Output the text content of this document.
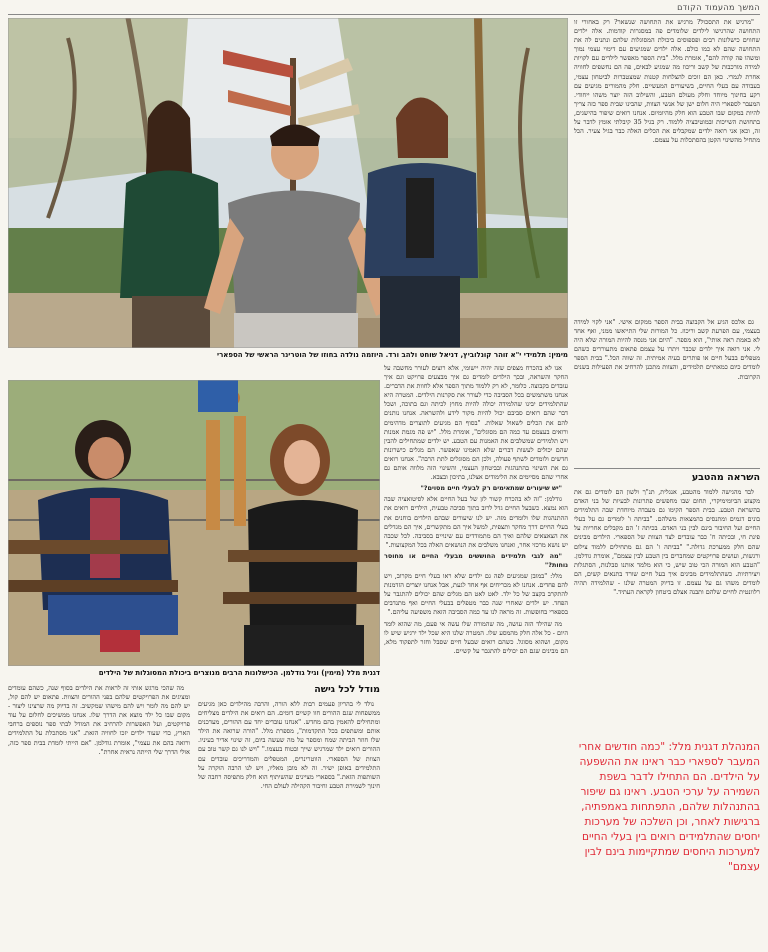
המשך מהעמוד הקודם
מימין: תלמידי י"א זוהר קונלוביץ, דניאל שוחט ולהב ורד. היוזמה נולדה בחוזו של הוטרינר הראשי של הספארי

"מרגיש את התסכול? מרגיש את התחושה שנשאר? רק באחורי זו התחושה שהרגישו לילדים שלומדים פה במסגרות קודמות. אלה ילדים שחווים כישלונות רבים ופספוסים ביכולת המסוגלות שלהם ונתנים לה את התחושה שהם לא כמו כולם. אלה ילדים שמגיעים עם דימוי עצמי נמוך ומשהו פה קורה להם", אומרת מלל. "בית הספר מאפשר לילדים עם לקויות למידה מורכבות של קשב וריכוז מה שמגיע לבאים, פה הם נחשפים לחוויה אחרת לגמרי. כאן הם זוכים להצלחות קטנות שמצטברות לביטחון עצמי, בעבודה עם בעלי החיים, בשיעורים המעשיים. חלק מהמורים מגיעים עם רקע בחינוך מיוחד וחלק מעולם הטבע, והשילוב הזה יוצר משהו ייחודי. המעבר לספארי היה חלום ישן של אנשי הצוות, שהבינו שבית ספר כזה צריך להיות במקום שבו הטבע הוא חלק מהיומיום. אנחנו רואים שיפור בהישגים, בתחושת השייכות ובמוטיבציה ללמוד. רק בגיל 35 קיבלתי אומץ לדבר על זה, וכאן אני רואה ילדים שמקבלים את הכלים האלה כבר בגיל צעיר. הכל מתחיל מהשינוי הקטן בהסתכלות על עצמם.

גם אלכס הגיע אל הקבוצה בבית הספר ממקום אישי. "אני לקוי למידה בעצמי, עם הפרעת קשב וריכוז. כל המורות שלי התייאשו ממני, ואף אחד לא באמת ראה אותי", הוא מספר. "היום אני מנסה להיות המורה שלא היה לי. אני רואה איך ילדים שכבר ויתרו על עצמם פתאום מתעוררים כשהם מטפלים בבעל חיים או פותרים בעיה אמיתית. זה שווה הכל." בבית הספר לומדים כיום כמאתיים תלמידים, והצוות מתכנן להרחיב את הפעילות בשנים הקרובות.

השראה מהטבע

לבד מהגישה ללמוד מהטבע, אנגלית, תנ"ך ולשון הם לומדים גם את מקצוע הביומימיקרי, תחום שבו מחפשים פתרונות לבעיות של בני האדם בהשראת הטבע. בבית הספר הקימו גם מעבדה מיוחדת שבה התלמידים בונים דגמים ומתנסים בהמצאות משלהם. "בביתה ו' לומדים גם על בעלי החיים ועל החיבור בינם לבין בני האדם. בכיתה ז' הם מקבלים אחריות על פינת חי, ובכיתה ח' כבר עובדים לצד הצוות של הספארי. הילדים מבינים שהם חלק ממערכת גדולה." "בביתה ו' הם גם מתחילים ללמוד צילום ורגשות, ועושים פרויקטים שמחברים בין הטבע לבין עצמם", אומרת גודלמן. "הטבע הוא המורה הכי טוב שיש, כי הוא מלמד אותנו סבלנות, הסתגלות ויצירתיות. כשהתלמידים מבינים איך בעל חיים שורד בתנאים קשים, הם לומדים משהו גם על עצמם. זו בדיוק המטרה שלנו - שהלמידה תהיה רלוונטית לחיים שלהם ותבנה אצלם ביטחון לקראת העתיד."

המנהלת דגנית מלל: "כמה חודשים אחרי המעבר לספארי כבר ראינו את ההשפעה על הילדים. הם התחילו לדבר בשפת השמירה על ערכי הטבע. ראינו גם שיפור בהתנהלות שלהם, התפתחות באמפתיה, ברגישות לאחר, וכן השלכה של מערכות יחסים שהתלמידים רואים בין בעלי החיים למערכות היחסים שמתקיימות בינם לבין עצמם"

אנו לא בהכרח מצפים שזה יהיה יישומי, אלא רוצים לעורר מחשבה על החקר והשראה, ובכך הילדים לומדים גם איך מבצעים פרויקט וגם איך עובדים בקבוצה. כלומר, לא רק ללמוד מתוך הספר אלא לחוות את הדברים. אנחנו משתמשים בכל הסביבה כדי לעורר את סקרנות הילדים. המטרה היא שהתלמידים יבינו שהלמידה יכולה להיות מחוץ לכיתה וגם בתוכה, ושכל דבר שהם רואים סביבם יכול להיות מקור לידע ולהשראה. אנחנו נותנים להם את הכלים לשאול שאלות. "בסוף הם מגיעים לתוצרים מדהימים ורואים בעצמם עד כמה הם מסוגלים", אומרת מלל. "יש פה מגמת אמנות ויש תלמידים שמשלבים את האמנות עם הטבע. יש ילדים שמתחילים להבין שהם יכולים לעשות דברים שלא האמינו שאפשר. הם מגלים כישרונות חדשים ולומדים לשתף פעולה, ולכן הם מסוגלים לתת הרבה". אנחנו רואים גם את השינוי בהתנהגות ובביטחון העצמי, והשינוי הזה מלווה אותם גם אחרי שהם מסיימים את הלימודים אצלנו, בתיכון ובצבא.

"יש שיעורים שמתאימים רק לבעלי חיים מסוים?"

גודלמן: "זה לא בהכרח קשור לזן של בעל החיים אלא לסיטואציה שבה הוא נמצא. כשבעל החיים גדל לרוב בתוך סביבה טבעית, הילדים רואים את ההתנהגות שלו ולומדים מזה. יש לנו שיעורים שבהם הילדים בוחנים את בעלי החיים דרך מחקר ותצפית, למשל איך הם מתקשרים, איך הם מגדלים את הצאצאים שלהם ואיך הם מתמודדים עם שינויים בסביבה. לכל שכבה יש נושא מרכזי אחר, ואנחנו משלבים את הנושאים האלה בכל המקצועות."

"מה לגבי תלמידים החוששים מבעלי החיים או מחוסר נוחות?"

מלל: "במובן שמגיעים לפה גם ילדים שלא ראו בעלי חיים מקרוב, ויש להם פחדים. אנחנו לא מכריחים אף אחד לגעת, אבל אנחנו יוצרים הזדמנות להתקרב בקצב של כל ילד. לאט לאט הם מגלים שהם יכולים להתגבר על הפחד. יש ילדים שאחרי שנה כבר מטפלים בבעלי החיים ואף מתנדבים בספארי בחופשות. זה מראה לנו עד כמה הסביבה הזאת משפיעה עליהם."

מה שהילד הזה עושה, מה שהמורה שלו עשה אי פעם, מה שהוא לומד היום - כל אלה חלק מהמסע שלו. המטרה שלנו היא שכל ילד ירגיש שיש לו מקום, ושהוא מסוגל. כשהם רואים שבעל חיים שסבל וחזר לתפקוד מלא, הם מבינים שגם הם יכולים להתגבר על קשיים.

דגנית מלל (מימין) וגיל גודלמן. הכישלונות הרבים מנוצרים ביכולת המסוגלות של הילדים
מודל לכל גישה

נולד לי בהריון פעמים רבות ללא הורה, והרבה מהילדים כאן מגיעים ממשפחות שגם ההורים חוו קשיים דומים. הם רואים את הילדים מצליחים ומתחילים להאמין בהם מחדש. "אנחנו עובדים יחד עם ההורים, מעדכנים אותם ומשתפים בכל התקדמות", מספרת מלל. "הורה שרואה את הילד שלו חוזר הביתה שמח ומספר על מה שעשה ביום, זה שינוי אדיר בעיניו. ההורים רואים ילד שמרגיש שייך ובטוח בעצמו." "ויש לנו גם קשר טוב עם הצוות של הספארי. הווטרינרים, המטפלים והמדריכים עובדים עם התלמידים באופן ישיר. זה לא מובן מאליו, ויש לנו הרבה הוקרה על השותפות הזאת." בספארי מציינים שהשיתוף הוא חלק מתפיסה רחבה של חינוך לשמירת הטבע וחיבור הקהילה לעולם החי.

מה שהכי מרגש אותי זה לראות את הילדים בסוף שנה, כשהם עומדים ומציגים את הפרויקטים שלהם בפני ההורים והצוות. פתאום יש להם קול, יש להם מה לומר ויש להם מישהו שמקשיב. זה בדיוק מה שרצינו ליצור - מקום שבו כל ילד מוצא את הדרך שלו. אנחנו ממשיכים לחלום על עוד פרויקטים, ועל האפשרות להרחיב את המודל לבתי ספר נוספים ברחבי הארץ, כדי שעוד ילדים יזכו לחוויה הזאת. "אני מסתכלת על התלמידים ורואה בהם את עצמי", אומרת גודלמן. "אם הייתי לומדת בבית ספר כזה, אולי הדרך שלי הייתה נראית אחרת".
